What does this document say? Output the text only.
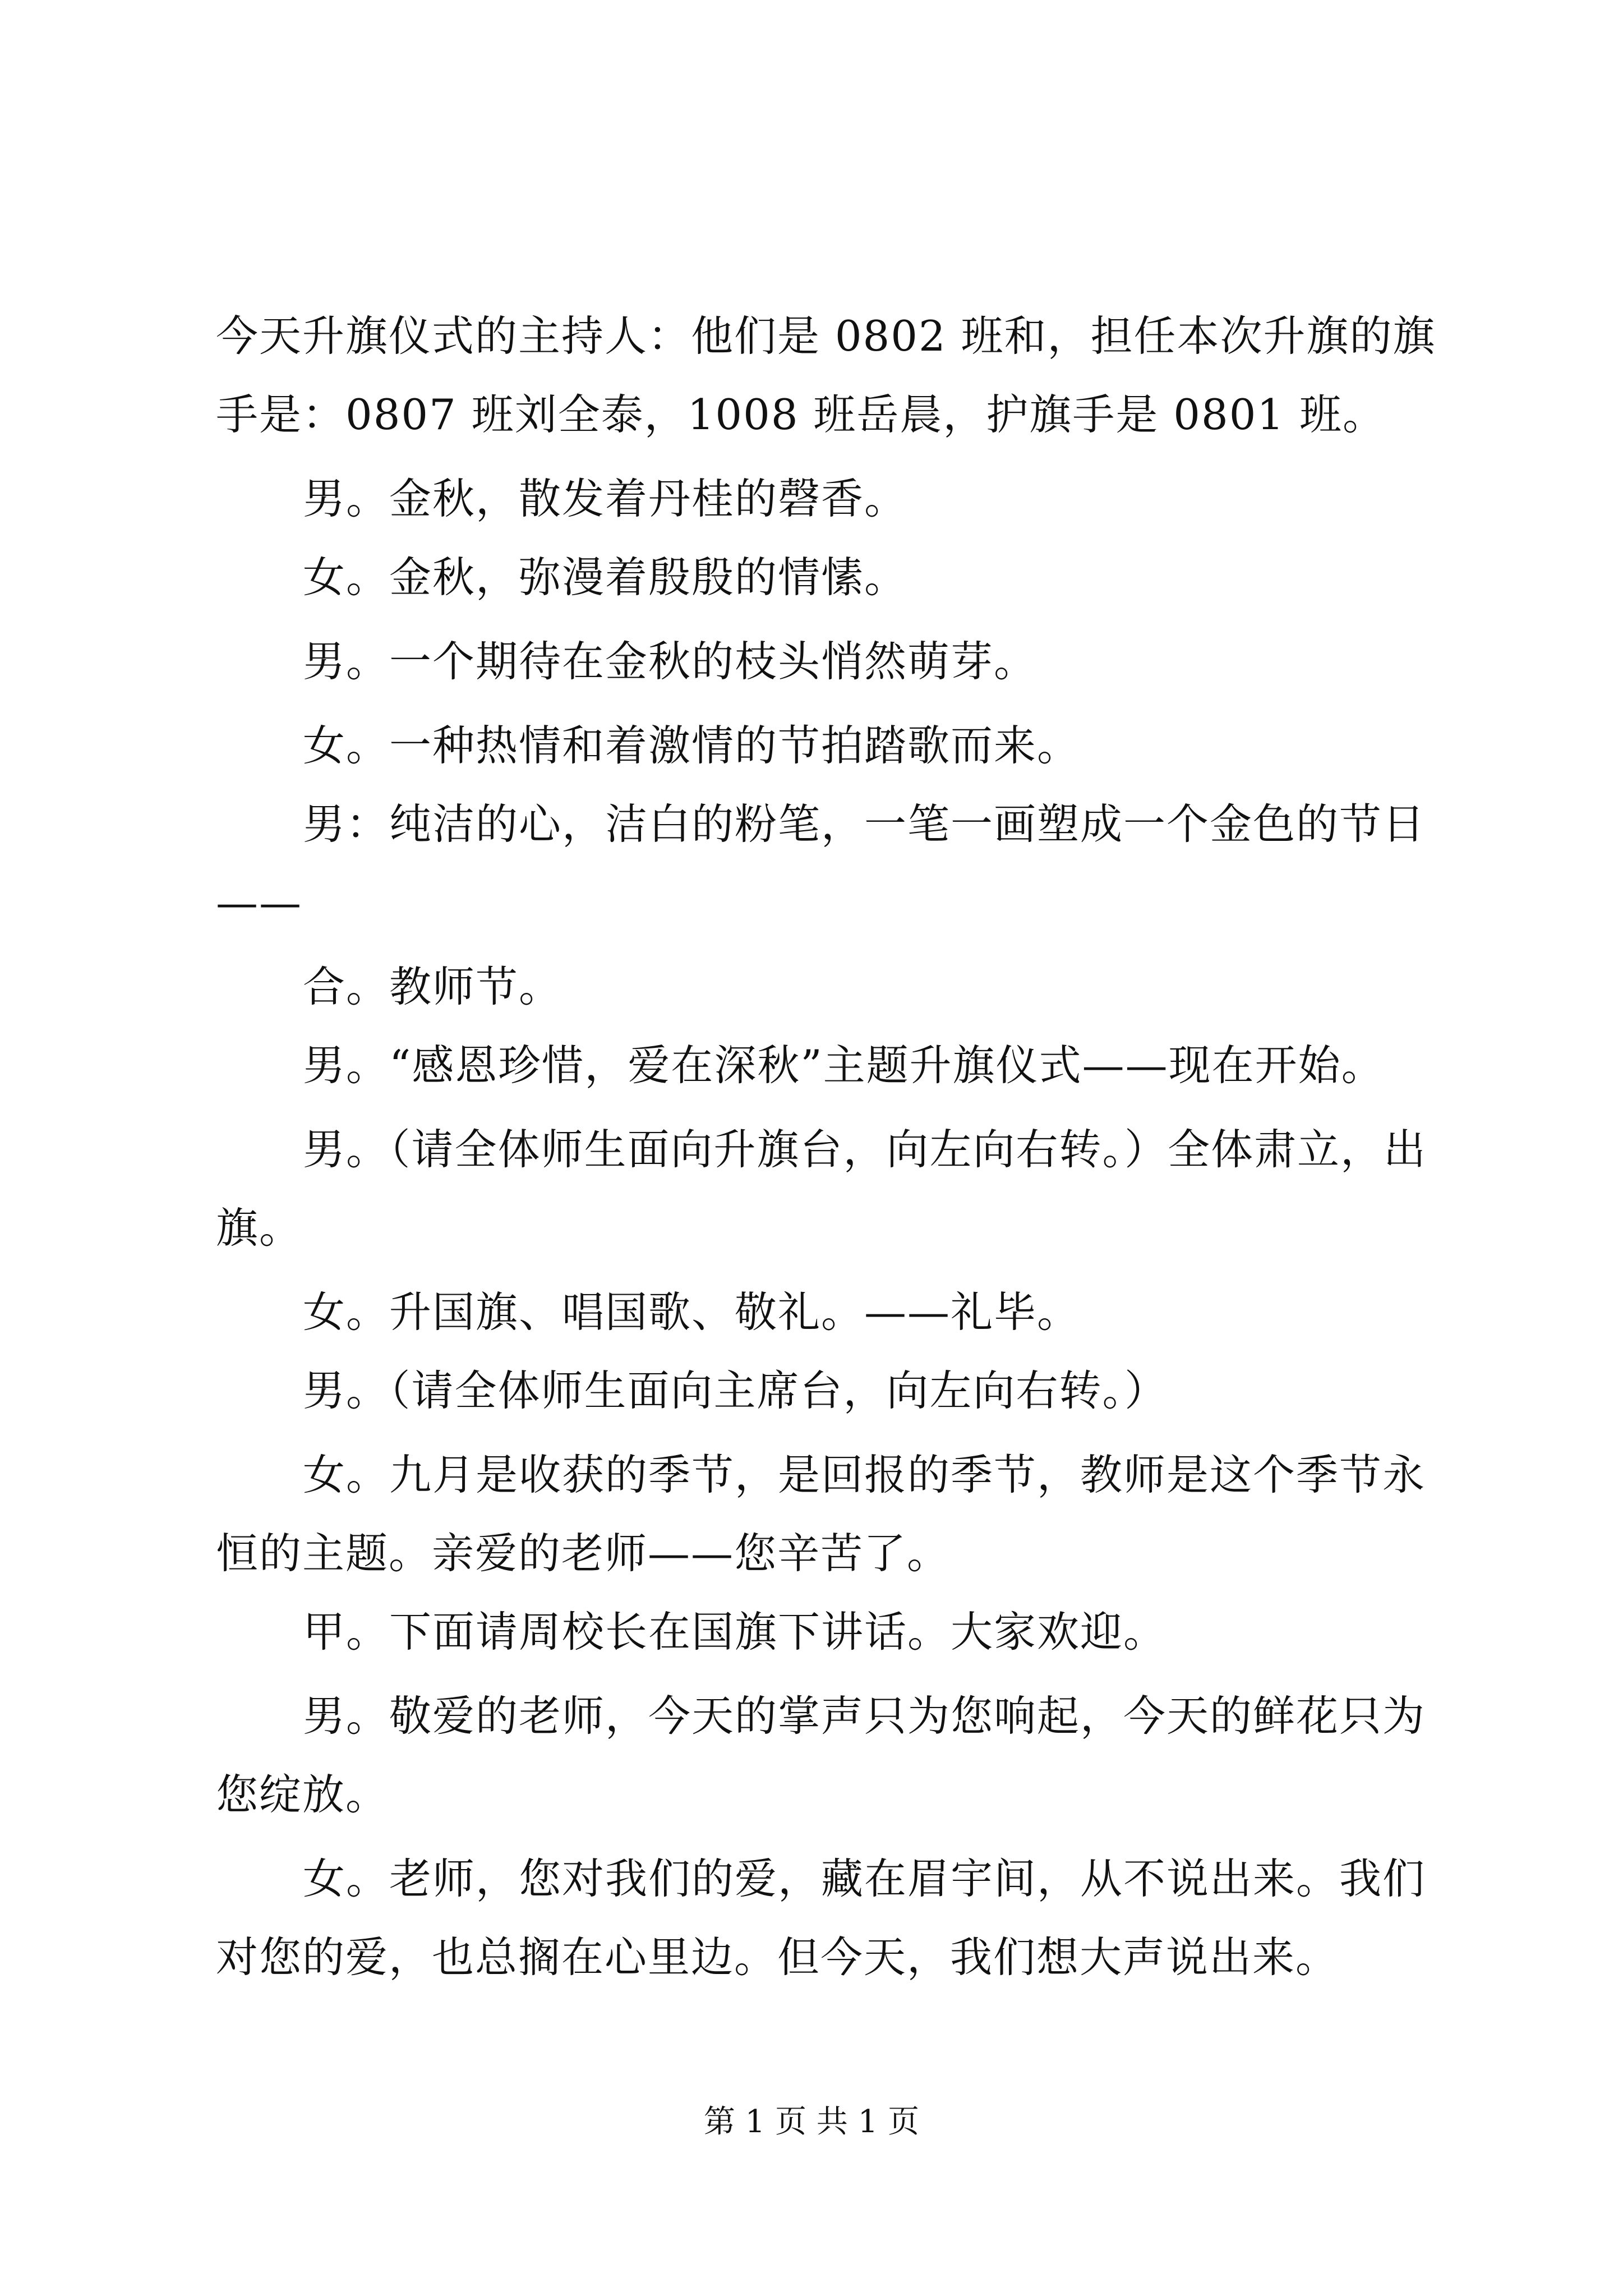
今天升旗仪式的主持人：他们是 0802 班和，担任本次升旗的旗
手是：0807 班刘全泰，1008 班岳晨，护旗手是 0801 班。
男。金秋，散发着丹桂的磬香。
女。金秋，弥漫着殷殷的情愫。
男。一个期待在金秋的枝头悄然萌芽。
女。一种热情和着激情的节拍踏歌而来。
男：纯洁的心，洁白的粉笔，一笔一画塑成一个金色的节日
——
合。教师节。
男。“感恩珍惜，爱在深秋”主题升旗仪式——现在开始。
男。（请全体师生面向升旗台，向左向右转。）全体肃立，出
旗。
女。升国旗、唱国歌、敬礼。——礼毕。
男。（请全体师生面向主席台，向左向右转。）
女。九月是收获的季节，是回报的季节，教师是这个季节永
恒的主题。亲爱的老师——您辛苦了。
甲。下面请周校长在国旗下讲话。大家欢迎。
男。敬爱的老师，今天的掌声只为您响起，今天的鲜花只为
您绽放。
女。老师，您对我们的爱，藏在眉宇间，从不说出来。我们
对您的爱，也总搁在心里边。但今天，我们想大声说出来。
第 1 页 共 1 页
